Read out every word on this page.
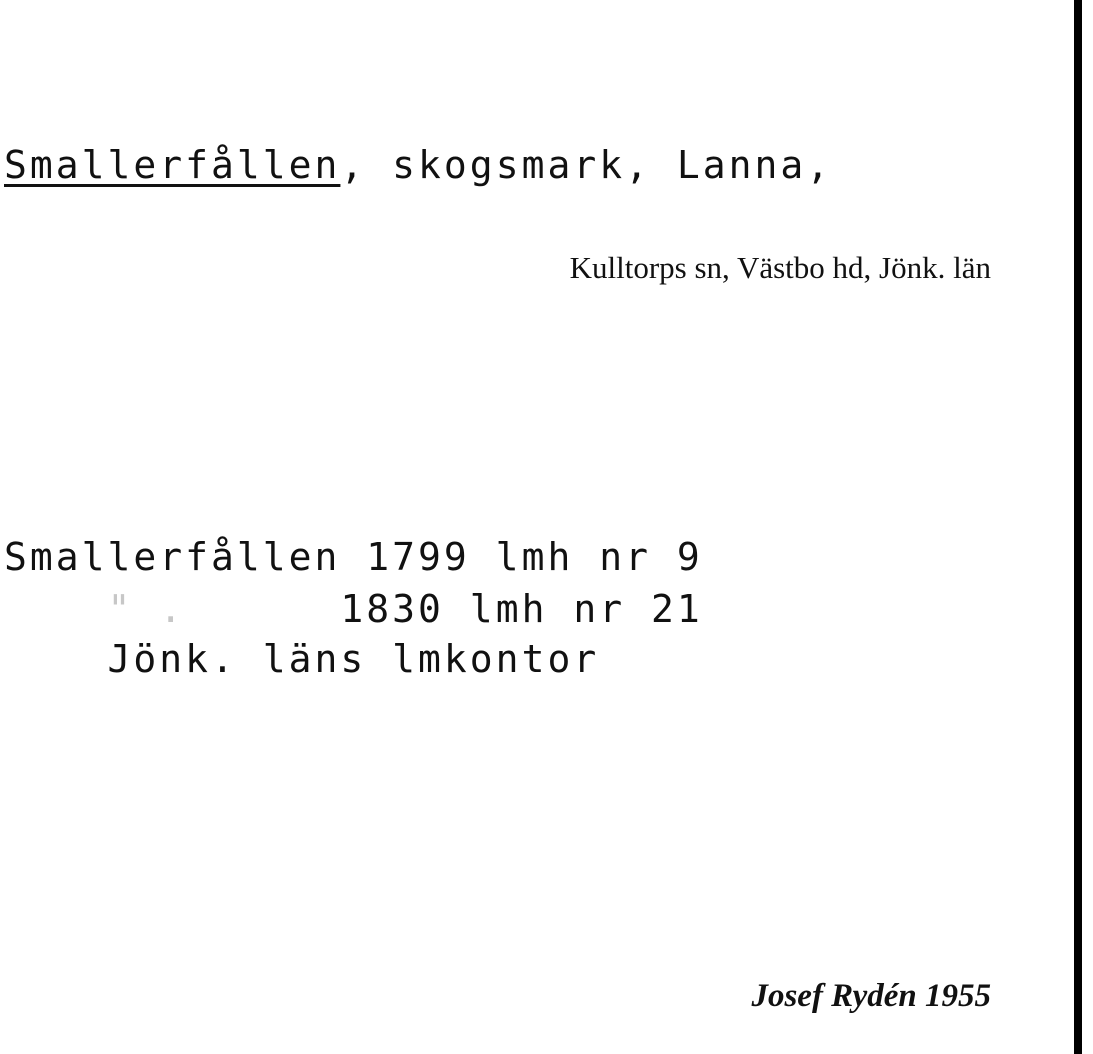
Smallerfållen, skogsmark, Lanna,
Kulltorps sn, Västbo hd, Jönk. län
Smallerfållen 1799 lmh nr 9
" .      1830 lmh nr 21
Jönk. läns lmkontor
Josef Rydén 1955
